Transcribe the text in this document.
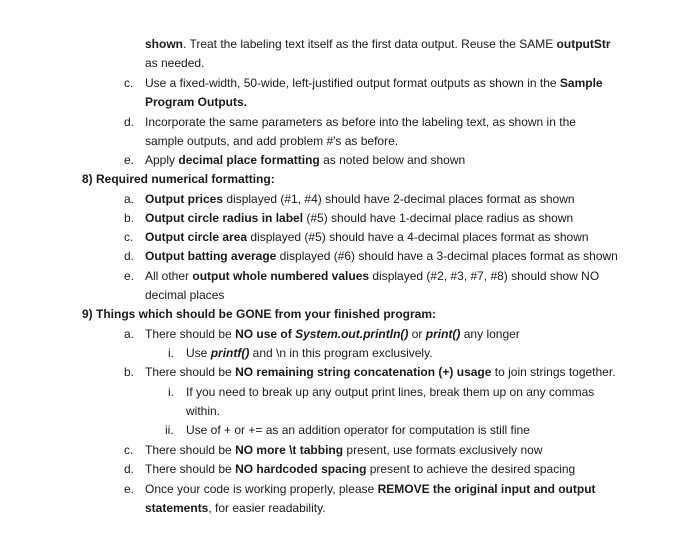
shown. Treat the labeling text itself as the first data output. Reuse the SAME outputStr
as needed.
c. Use a fixed-width, 50-wide, left-justified output format outputs as shown in the Sample
Program Outputs.
d. Incorporate the same parameters as before into the labeling text, as shown in the
sample outputs, and add problem #'s as before.
e. Apply decimal place formatting as noted below and shown
8) Required numerical formatting:
a. Output prices displayed (#1, #4) should have 2-decimal places format as shown
b. Output circle radius in label (#5) should have 1-decimal place radius as shown
c. Output circle area displayed (#5) should have a 4-decimal places format as shown
d. Output batting average displayed (#6) should have a 3-decimal places format as shown
e. All other output whole numbered values displayed (#2, #3, #7, #8) should show NO
decimal places
9) Things which should be GONE from your finished program:
a. There should be NO use of System.out.println() or print() any longer
i. Use printf() and \n in this program exclusively.
b. There should be NO remaining string concatenation (+) usage to join strings together.
i. If you need to break up any output print lines, break them up on any commas
within.
ii. Use of + or += as an addition operator for computation is still fine
c. There should be NO more \t tabbing present, use formats exclusively now
d. There should be NO hardcoded spacing present to achieve the desired spacing
e. Once your code is working properly, please REMOVE the original input and output
statements, for easier readability.
